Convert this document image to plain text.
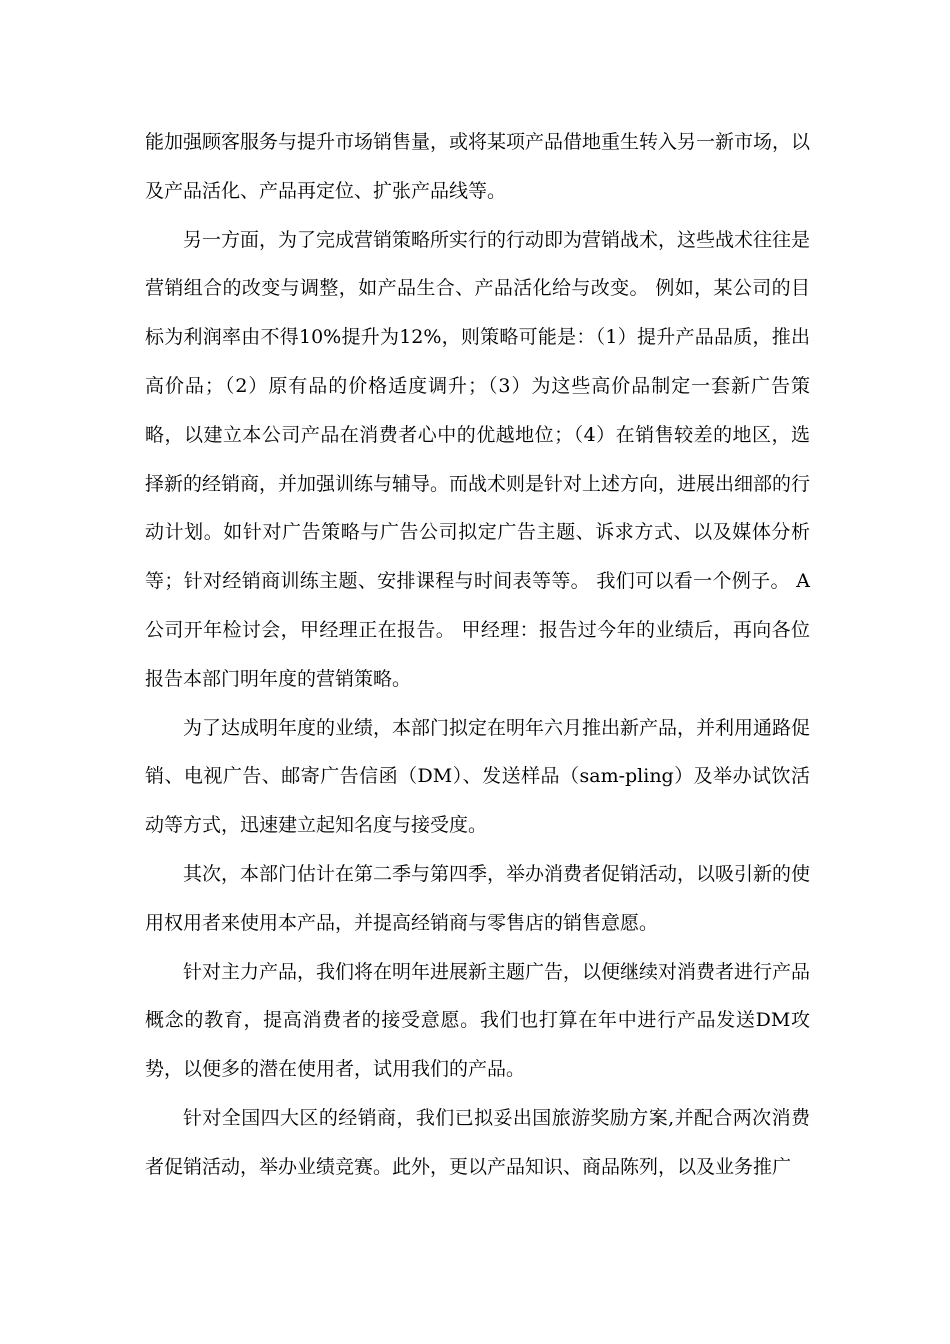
能加强顾客服务与提升市场销售量，或将某项产品借地重生转入另一新市场，以及产品活化、产品再定位、扩张产品线等。

另一方面，为了完成营销策略所实行的行动即为营销战术，这些战术往往是营销组合的改变与调整，如产品生合、产品活化给与改变。 例如，某公司的目标为利润率由不得10%提升为12%，则策略可能是：（1）提升产品品质，推出高价品；（2）原有品的价格适度调升；（3）为这些高价品制定一套新广告策略，以建立本公司产品在消费者心中的优越地位；（4）在销售较差的地区，选择新的经销商，并加强训练与辅导。而战术则是针对上述方向，进展出细部的行动计划。如针对广告策略与广告公司拟定广告主题、诉求方式、以及媒体分析等；针对经销商训练主题、安排课程与时间表等等。 我们可以看一个例子。 A公司开年检讨会，甲经理正在报告。 甲经理：报告过今年的业绩后，再向各位报告本部门明年度的营销策略。

为了达成明年度的业绩，本部门拟定在明年六月推出新产品，并利用通路促销、电视广告、邮寄广告信函（DM）、发送样品（sam-pling）及举办试饮活动等方式，迅速建立起知名度与接受度。

其次，本部门估计在第二季与第四季，举办消费者促销活动，以吸引新的使用权用者来使用本产品，并提高经销商与零售店的销售意愿。

针对主力产品，我们将在明年进展新主题广告，以便继续对消费者进行产品概念的教育，提高消费者的接受意愿。我们也打算在年中进行产品发送DM攻势，以便多的潜在使用者，试用我们的产品。

针对全国四大区的经销商，我们已拟妥出国旅游奖励方案,并配合两次消费者促销活动，举办业绩竞赛。此外，更以产品知识、商品陈列，以及业务推广
